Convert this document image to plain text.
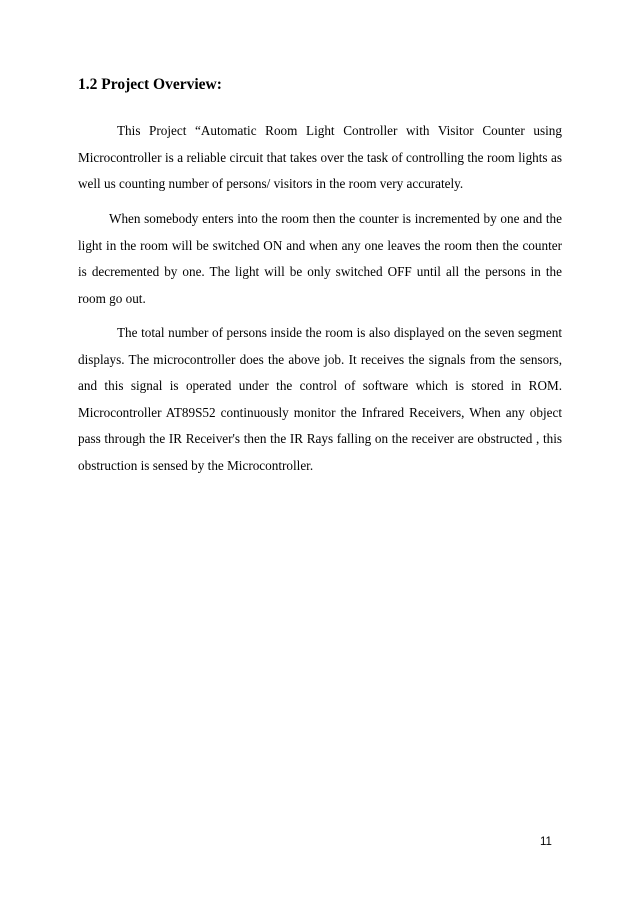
1.2 Project Overview:

This Project “Automatic Room Light Controller with Visitor Counter using Microcontroller is a reliable circuit that takes over the task of controlling the room lights as well us counting number of persons/ visitors in the room very accurately.

When somebody enters into the room then the counter is incremented by one and the light in the room will be switched ON and when any one leaves the room then the counter is decremented by one. The light will be only switched OFF until all the persons in the room go out.

The total number of persons inside the room is also displayed on the seven segment displays. The microcontroller does the above job. It receives the signals from the sensors, and this signal is operated under the control of software which is stored in ROM. Microcontroller AT89S52 continuously monitor the Infrared Receivers, When any object pass through the IR Receiver's then the IR Rays falling on the receiver are obstructed , this obstruction is sensed by the Microcontroller.

11
